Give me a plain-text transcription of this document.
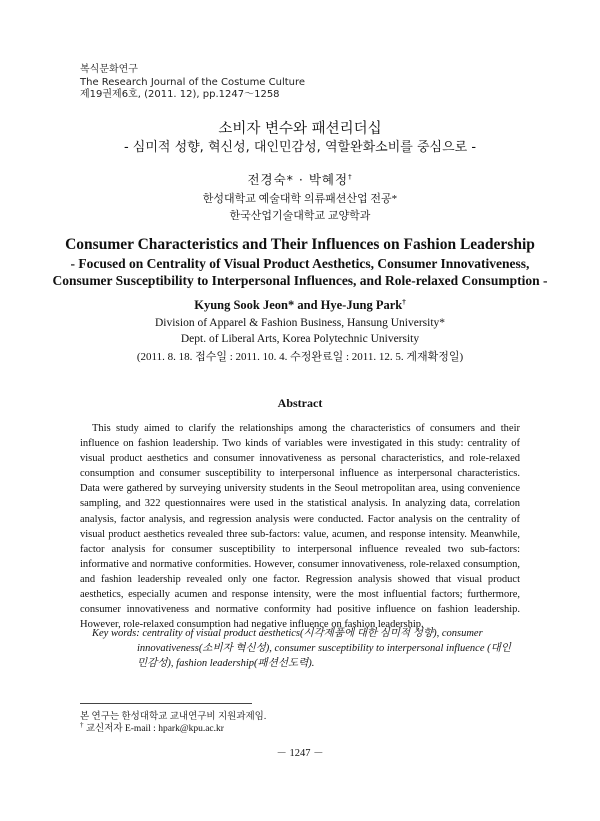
복식문화연구
The Research Journal of the Costume Culture
제19권제6호, (2011. 12), pp.1247～1258
소비자 변수와 패션리더십
- 심미적 성향, 혁신성, 대인민감성, 역할완화소비를 중심으로 -
전경숙* · 박혜정†
한성대학교 예술대학 의류패션산업 전공*
한국산업기술대학교 교양학과
Consumer Characteristics and Their Influences on Fashion Leadership
- Focused on Centrality of Visual Product Aesthetics, Consumer Innovativeness,
Consumer Susceptibility to Interpersonal Influences, and Role-relaxed Consumption -
Kyung Sook Jeon* and Hye-Jung Park†
Division of Apparel & Fashion Business, Hansung University*
Dept. of Liberal Arts, Korea Polytechnic University
(2011. 8. 18. 접수일 : 2011. 10. 4. 수정완료일 : 2011. 12. 5. 게재확정일)
Abstract

This study aimed to clarify the relationships among the characteristics of consumers and their influence on fashion leadership. Two kinds of variables were investigated in this study: centrality of visual product aesthetics and consumer innovativeness as personal characteristics, and role-relaxed consumption and consumer susceptibility to interpersonal influence as interpersonal characteristics. Data were gathered by surveying university students in the Seoul metropolitan area, using convenience sampling, and 322 questionnaires were used in the statistical analysis. In analyzing data, correlation analysis, factor analysis, and regression analysis were conducted. Factor analysis on the centrality of visual product aesthetics revealed three sub-factors: value, acumen, and response intensity. Meanwhile, factor analysis for consumer susceptibility to interpersonal influence revealed two sub-factors: informative and normative conformities. However, consumer innovativeness, role-relaxed consumption, and fashion leadership revealed only one factor. Regression analysis showed that visual product aesthetics, especially acumen and response intensity, were the most influential factors; furthermore, consumer innovativeness and normative conformity had positive influence on fashion leadership. However, role-relaxed consumption had negative influence on fashion leadership.

Key words: centrality of visual product aesthetics(시각제품에 대한 심미적 성향), consumer innovativeness(소비자 혁신성), consumer susceptibility to interpersonal influence (대인민감성), fashion leadership(패션선도력).
본 연구는 한성대학교 교내연구비 지원과제임.
† 교신저자 E-mail : hpark@kpu.ac.kr
－ 1247 －
